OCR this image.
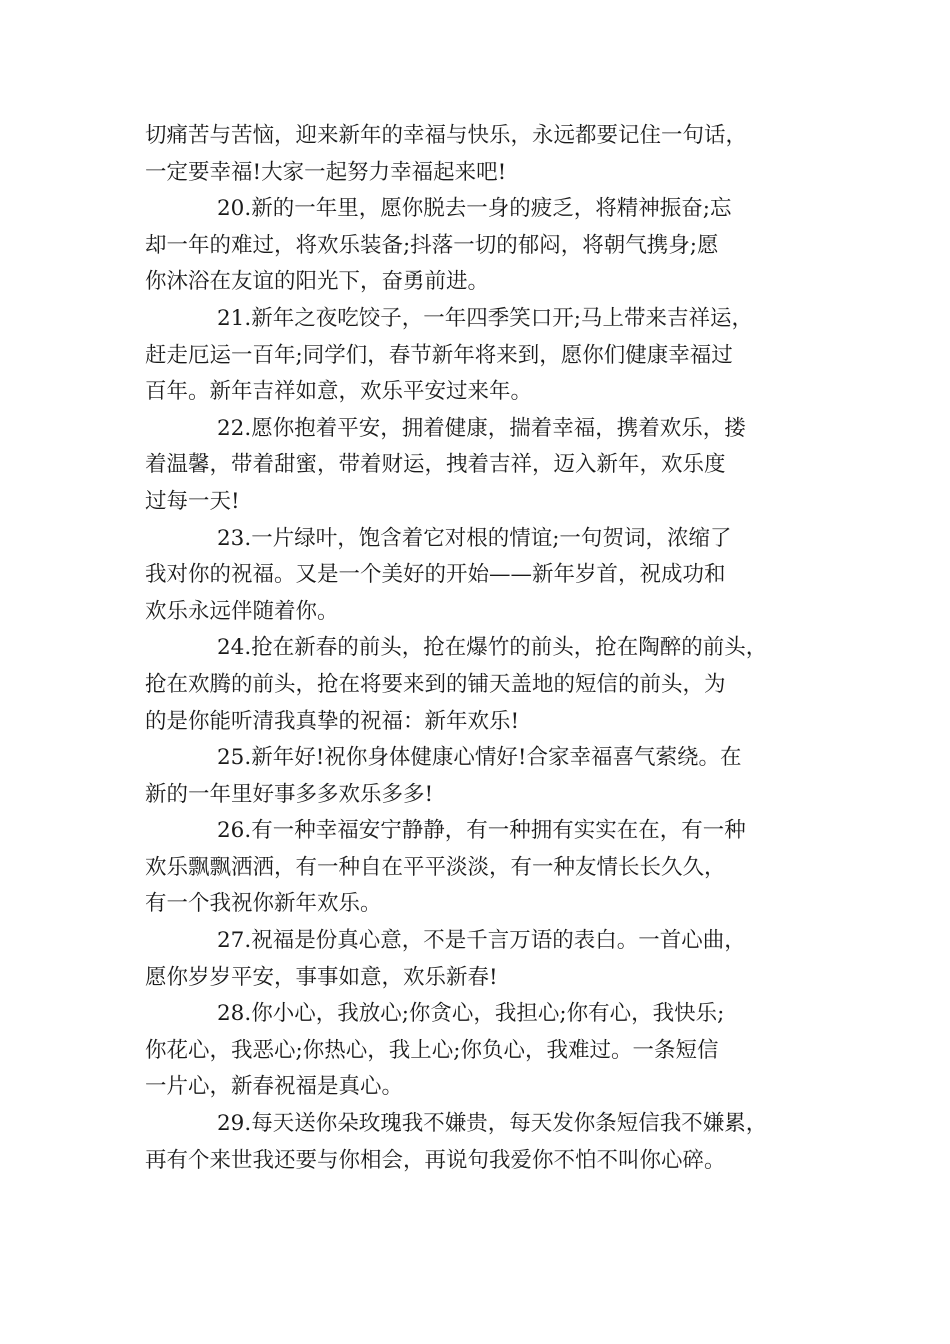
切痛苦与苦恼，迎来新年的幸福与快乐，永远都要记住一句话，
一定要幸福!大家一起努力幸福起来吧!
20.新的一年里，愿你脱去一身的疲乏，将精神振奋;忘
却一年的难过，将欢乐装备;抖落一切的郁闷，将朝气携身;愿
你沐浴在友谊的阳光下，奋勇前进。
21.新年之夜吃饺子，一年四季笑口开;马上带来吉祥运，
赶走厄运一百年;同学们，春节新年将来到，愿你们健康幸福过
百年。新年吉祥如意，欢乐平安过来年。
22.愿你抱着平安，拥着健康，揣着幸福，携着欢乐，搂
着温馨，带着甜蜜，带着财运，拽着吉祥，迈入新年，欢乐度
过每一天!
23.一片绿叶，饱含着它对根的情谊;一句贺词，浓缩了
我对你的祝福。又是一个美好的开始——新年岁首，祝成功和
欢乐永远伴随着你。
24.抢在新春的前头，抢在爆竹的前头，抢在陶醉的前头，
抢在欢腾的前头，抢在将要来到的铺天盖地的短信的前头，为
的是你能听清我真挚的祝福：新年欢乐!
25.新年好!祝你身体健康心情好!合家幸福喜气萦绕。在
新的一年里好事多多欢乐多多!
26.有一种幸福安宁静静，有一种拥有实实在在，有一种
欢乐飘飘洒洒，有一种自在平平淡淡，有一种友情长长久久，
有一个我祝你新年欢乐。
27.祝福是份真心意，不是千言万语的表白。一首心曲，
愿你岁岁平安，事事如意，欢乐新春!
28.你小心，我放心;你贪心，我担心;你有心，我快乐;
你花心，我恶心;你热心，我上心;你负心，我难过。一条短信
一片心，新春祝福是真心。
29.每天送你朵玫瑰我不嫌贵，每天发你条短信我不嫌累，
再有个来世我还要与你相会，再说句我爱你不怕不叫你心碎。
